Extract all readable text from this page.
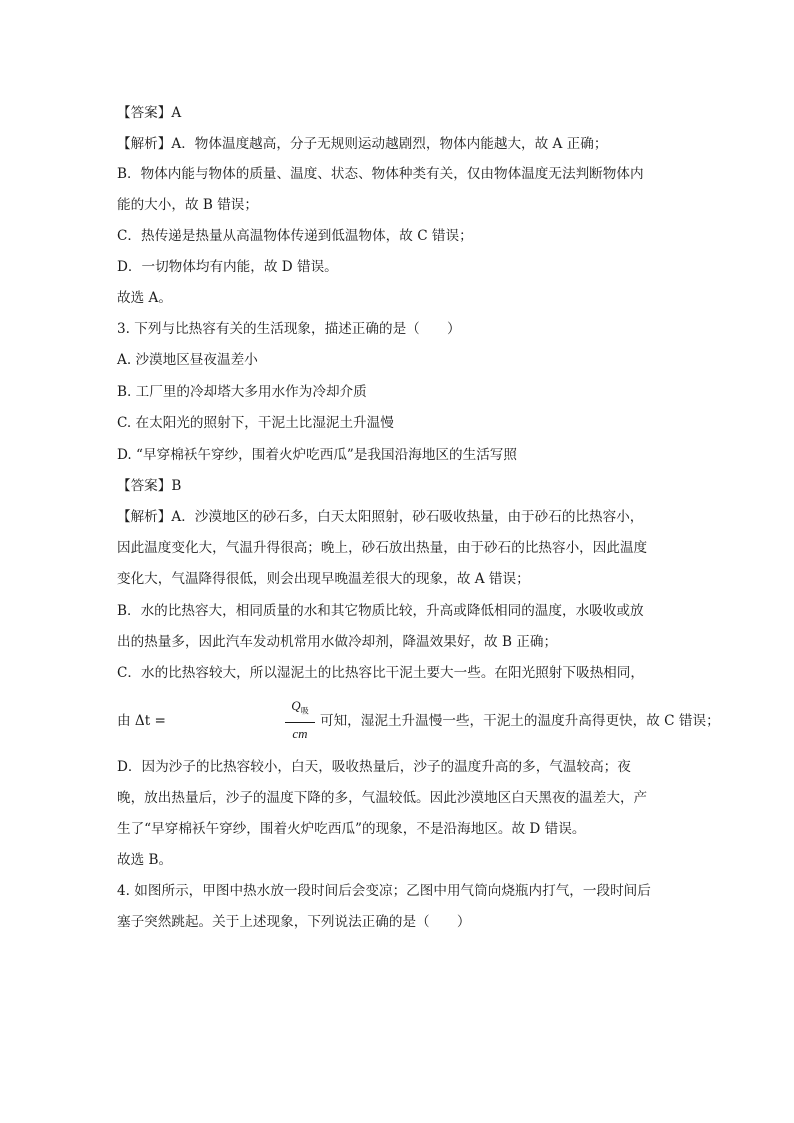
【答案】A
【解析】A．物体温度越高，分子无规则运动越剧烈，物体内能越大，故 A 正确；
B．物体内能与物体的质量、温度、状态、物体种类有关，仅由物体温度无法判断物体内
能的大小，故 B 错误；
C．热传递是热量从高温物体传递到低温物体，故 C 错误；
D．一切物体均有内能，故 D 错误。
故选 A。
3. 下列与比热容有关的生活现象，描述正确的是（　　）
A. 沙漠地区昼夜温差小
B. 工厂里的冷却塔大多用水作为冷却介质
C. 在太阳光的照射下，干泥土比湿泥土升温慢
D. “早穿棉袄午穿纱，围着火炉吃西瓜”是我国沿海地区的生活写照
【答案】B
【解析】A．沙漠地区的砂石多，白天太阳照射，砂石吸收热量，由于砂石的比热容小，
因此温度变化大，气温升得很高；晚上，砂石放出热量，由于砂石的比热容小，因此温度
变化大，气温降得很低，则会出现早晚温差很大的现象，故 A 错误；
B．水的比热容大，相同质量的水和其它物质比较，升高或降低相同的温度，水吸收或放
出的热量多，因此汽车发动机常用水做冷却剂，降温效果好，故 B 正确；
C．水的比热容较大，所以湿泥土的比热容比干泥土要大一些。在阳光照射下吸热相同，
由 Δt =
$Q_吸$
cm
可知，湿泥土升温慢一些，干泥土的温度升高得更快，故 C 错误；
D．因为沙子的比热容较小，白天，吸收热量后，沙子的温度升高的多，气温较高；夜
晚，放出热量后，沙子的温度下降的多，气温较低。因此沙漠地区白天黑夜的温差大，产
生了“早穿棉袄午穿纱，围着火炉吃西瓜”的现象，不是沿海地区。故 D 错误。
故选 B。
4. 如图所示，甲图中热水放一段时间后会变凉；乙图中用气筒向烧瓶内打气，一段时间后
塞子突然跳起。关于上述现象，下列说法正确的是（　　）
